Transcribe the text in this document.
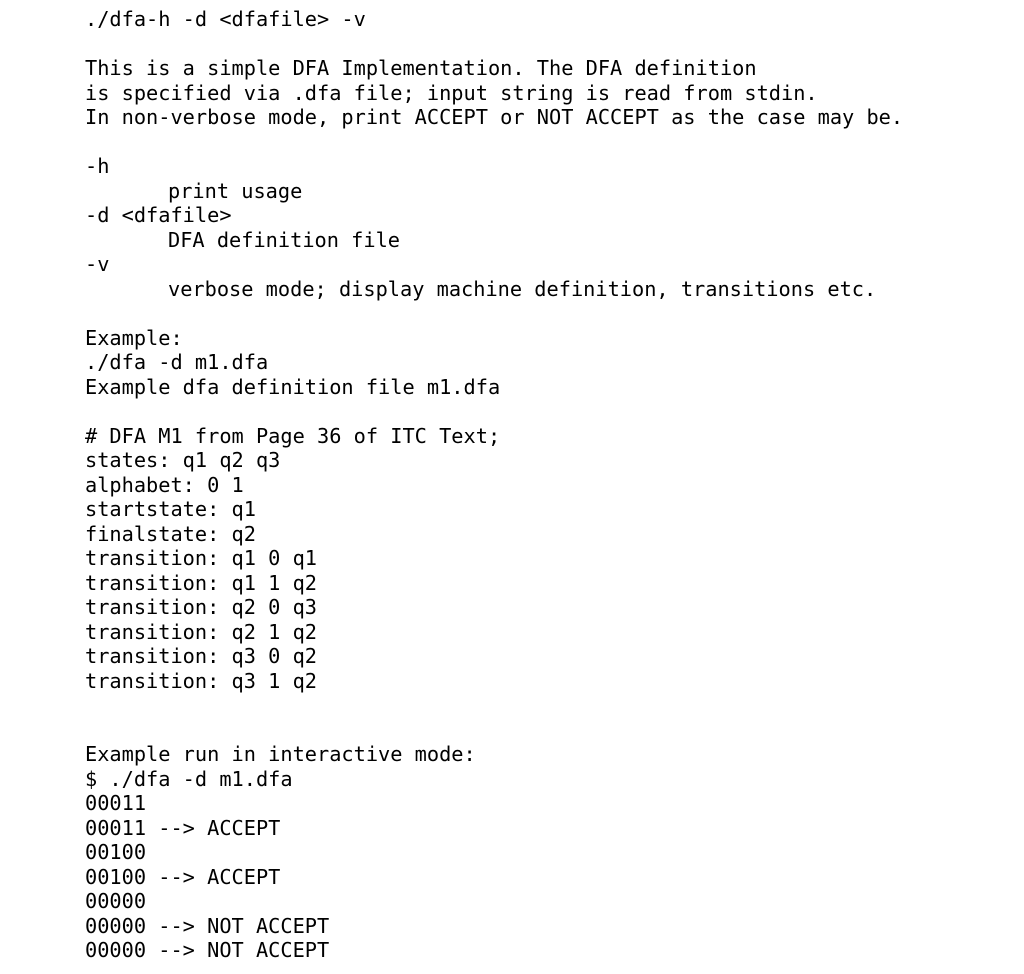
./dfa-h -d <dfafile> -v
This is a simple DFA Implementation. The DFA definition
is specified via .dfa file; input string is read from stdin.
In non-verbose mode, print ACCEPT or NOT ACCEPT as the case may be.
-h
print usage
-d <dfafile>
DFA definition file
-v
verbose mode; display machine definition, transitions etc.
Example:
./dfa -d m1.dfa
Example dfa definition file m1.dfa
# DFA M1 from Page 36 of ITC Text;
states: q1 q2 q3
alphabet: 0 1
startstate: q1
finalstate: q2
transition: q1 0 q1
transition: q1 1 q2
transition: q2 0 q3
transition: q2 1 q2
transition: q3 0 q2
transition: q3 1 q2
Example run in interactive mode:
$ ./dfa -d m1.dfa
00011
00011 --> ACCEPT
00100
00100 --> ACCEPT
00000
00000 --> NOT ACCEPT
00000 --> NOT ACCEPT
